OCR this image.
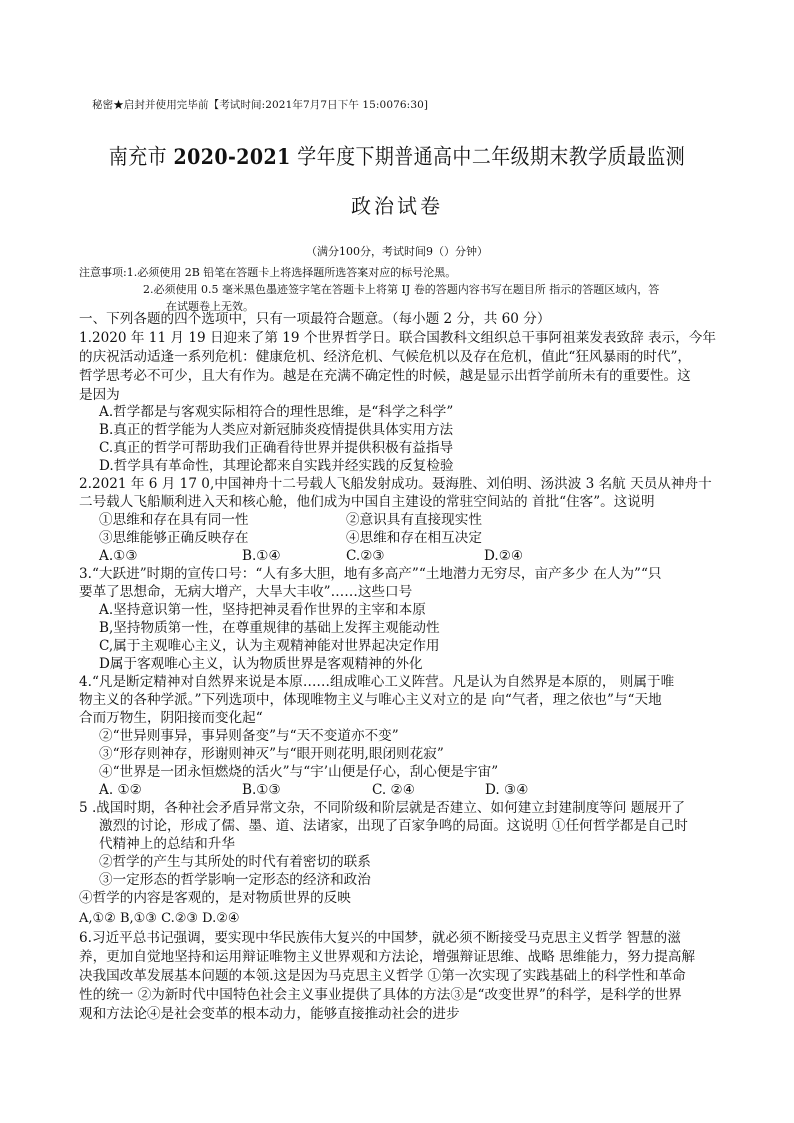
秘密★启封并使用完毕前【考试时间:2021年7月7日下午 15:0076:30]
南充市 2020-2021 学年度下期普通高中二年级期末教学质最监测
政治试卷
（满分100分，考试时间9（）分钟）
注意事项:1.必须使用 2B 铅笔在答题卡上将选择题所选答案对应的标号沦黑。
2.必须使用 0.5 毫米黑色墨迹签字笔在答题卡上将第 IJ 卷的答题内容书写在题目所 指示的答题区域内，答
在试题卷上无效。
一、下列各题的四个选项中，只有一项最符合题意。（每小题 2 分，共 60 分）
1.2020 年 11 月 19 日迎来了第 19 个世界哲学日。联合国教科文组织总干事阿祖莱发表致辞 表示，今年
的庆祝活动适逢一系列危机：健康危机、经济危机、气候危机以及存在危机，值此“狂风暴雨的时代”，
哲学思考必不可少，且大有作为。越是在充满不确定性的时候，越是显示出哲学前所未有的重要性。这
是因为
A.哲学都是与客观实际相符合的理性思维，是“科学之科学”
B.真正的哲学能为人类应对新冠肺炎疫情提供具体实用方法
C.真正的哲学可帮助我们正确看待世界并提供积极有益指导
D.哲学具有革命性，其理论都来自实践并经实践的反复检验
2.2021 年 6 月 17 0,中国神舟十二号载人飞船发射成功。聂海胜、刘伯明、汤洪波 3 名航 天员从神舟十
二号载人飞船顺利进入天和核心舱，他们成为中国自主建设的常驻空间站的 首批“住客”。这说明
①思维和存在具有同一性	②意识具有直接现实性
③思维能够正确反映存在	④思维和存在相互决定
A.①③	B.①④	C.②③	D.②④
3.“大跃进”时期的宣传口号：“人有多大胆，地有多高产”“土地潜力无穷尽，亩产多少 在人为”“只
要革了思想命，无病大增产，大旱大丰收”……这些口号
A.坚持意识第一性，坚持把神灵看作世界的主宰和本原
B,坚持物质第一性，在尊重规律的基础上发挥主观能动性
C,属于主观唯心主义，认为主观精神能对世界起决定作用
D属于客观唯心主义，认为物质世界是客观精神的外化
4.“凡是断定精神对自然界来说是本原……组成唯心工义阵营。凡是认为自然界是本原的， 则属于唯
物主义的各种学派。”下列选项中，体现唯物主义与唯心主义对立的是 向“气者，理之依也”与“天地
合而万物生，阴阳接而变化起“
②“世异则事异，事异则备变”与“天不变道亦不变”
③“形存则神存，形谢则神灭”与“眼开则花明,眼闭则花寂”
④“世界是一团永恒燃烧的活火”与“宇’山便是仔心，刮心便是宇宙”
A. ①②	B.①③	C. ②④	D. ③④
5 .战国时期，各种社会矛盾异常文杂，不同阶级和阶层就是否建立、如何建立封建制度等问 题展开了
激烈的讨论，形成了儒、墨、道、法诸家，出现了百家争鸣的局面。这说明 ①任何哲学都是自己时
代精神上的总结和升华
②哲学的产生与其所处的时代有着密切的联系
③一定形态的哲学影响一定形态的经济和政治
④哲学的内容是客观的，是对物质世界的反映
A,①② B,①③ C.②③ D.②④
6.习近平总书记强调，要实现中华民族伟大复兴的中国梦，就必须不断接受马克思主义哲学 智慧的滋
养，更加自觉地坚持和运用辩证唯物主义世界观和方法论，增强辩证思维、战略 思维能力，努力提高解
决我国改革发展基本问题的本领.这是因为马克思主义哲学 ①第一次实现了实践基础上的科学性和革命
性的统一 ②为新时代中国特色社会主义事业提供了具体的方法③是“改变世界”的科学，是科学的世界
观和方法论④是社会变革的根本动力，能够直接推动社会的进步
